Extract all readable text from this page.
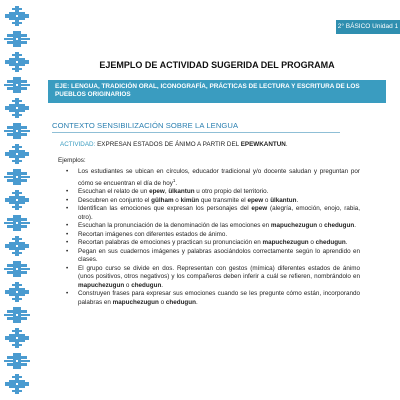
2° BÁSICO Unidad 1
EJEMPLO DE ACTIVIDAD SUGERIDA DEL PROGRAMA
EJE: LENGUA, TRADICIÓN ORAL, ICONOGRAFÍA, PRÁCTICAS DE LECTURA Y ESCRITURA DE LOS PUEBLOS ORIGINARIOS
CONTEXTO SENSIBILIZACIÓN SOBRE LA LENGUA
ACTIVIDAD: EXPRESAN ESTADOS DE ÁNIMO A PARTIR DEL EPEWKANTUN.
Ejemplos:
• Los estudiantes se ubican en círculos, educador tradicional y/o docente saludan y preguntan por cómo se encuentran el día de hoy$^1$.
• Escuchan el relato de un epew, ülkantun u otro propio del territorio.
• Descubren en conjunto el gülham o kimün que transmite el epew o ülkantun.
• Identifican las emociones que expresan los personajes del epew (alegría, emoción, enojo, rabia, otro).
• Escuchan la pronunciación de la denominación de las emociones en mapuchezugun o chedugun.
• Recortan imágenes con diferentes estados de ánimo.
• Recortan palabras de emociones y practican su pronunciación en mapuchezugun o chedugun.
• Pegan en sus cuadernos imágenes y palabras asociándolos correctamente según lo aprendido en clases.
• El grupo curso se divide en dos. Representan con gestos (mímica) diferentes estados de ánimo (unos positivos, otros negativos) y los compañeros deben inferir a cuál se refieren, nombrándolo en mapuchezugun o chedugun.
• Construyen frases para expresar sus emociones cuando se les pregunte cómo están, incorporando palabras en mapuchezugun o chedugun.
